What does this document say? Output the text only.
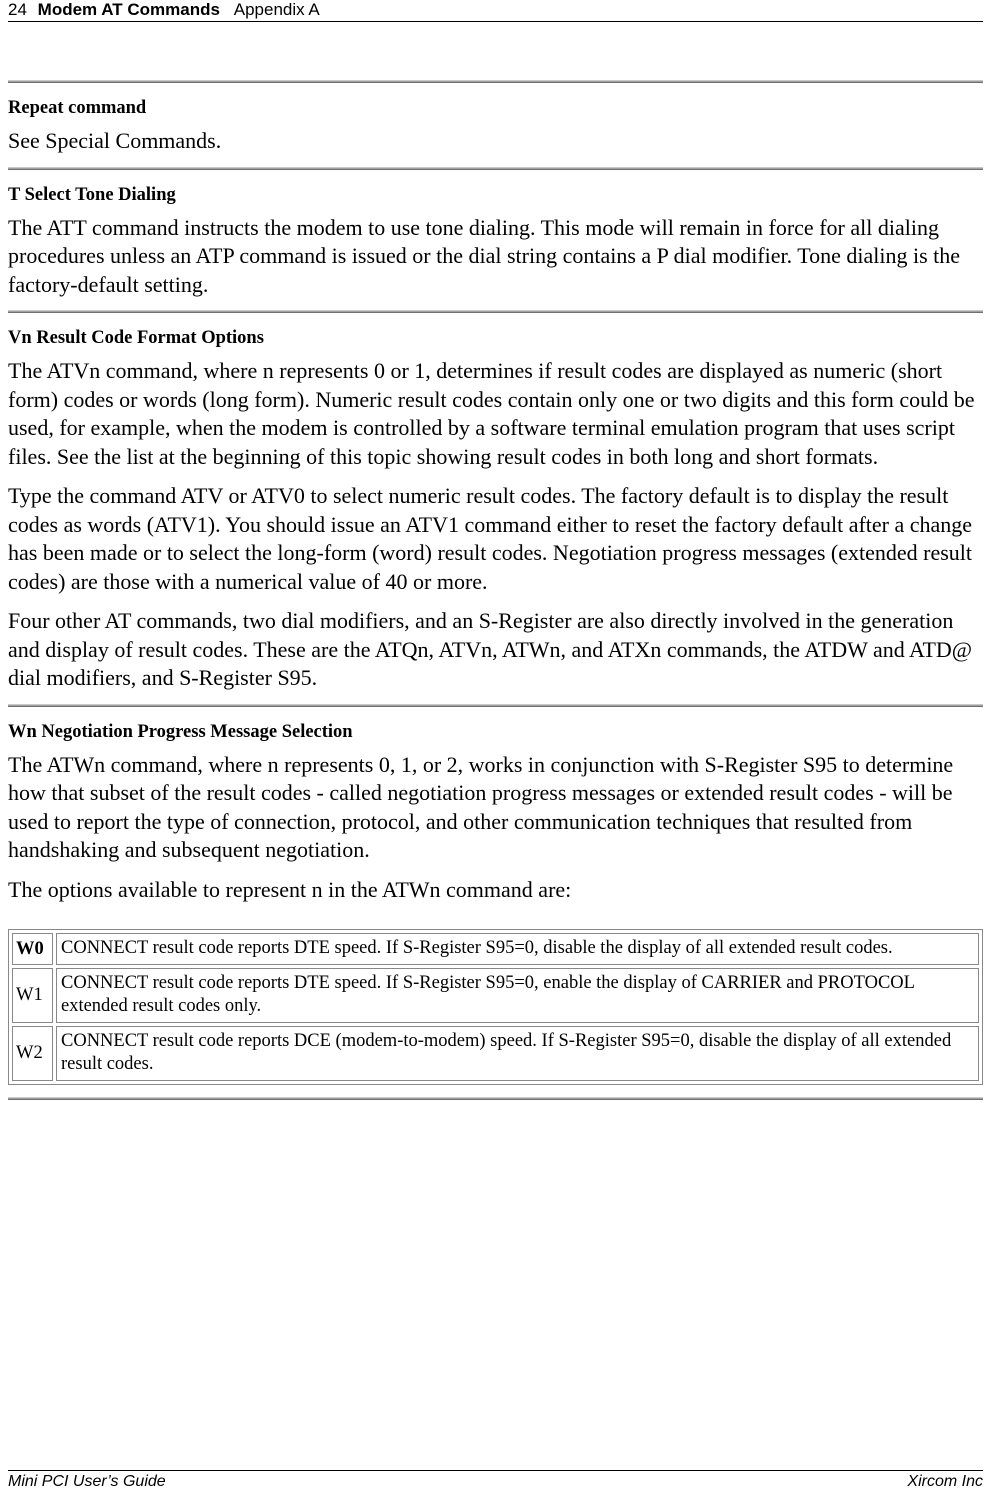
24 Modem AT Commands Appendix A
Repeat command

See Special Commands.

T Select Tone Dialing

The ATT command instructs the modem to use tone dialing. This mode will remain in force for all dialing procedures unless an ATP command is issued or the dial string contains a P dial modifier. Tone dialing is the factory-default setting.

Vn Result Code Format Options

The ATVn command, where n represents 0 or 1, determines if result codes are displayed as numeric (short form) codes or words (long form). Numeric result codes contain only one or two digits and this form could be used, for example, when the modem is controlled by a software terminal emulation program that uses script files. See the list at the beginning of this topic showing result codes in both long and short formats.

Type the command ATV or ATV0 to select numeric result codes. The factory default is to display the result codes as words (ATV1). You should issue an ATV1 command either to reset the factory default after a change has been made or to select the long-form (word) result codes. Negotiation progress messages (extended result codes) are those with a numerical value of 40 or more.

Four other AT commands, two dial modifiers, and an S-Register are also directly involved in the generation and display of result codes. These are the ATQn, ATVn, ATWn, and ATXn commands, the ATDW and ATD@ dial modifiers, and S-Register S95.

Wn Negotiation Progress Message Selection

The ATWn command, where n represents 0, 1, or 2, works in conjunction with S-Register S95 to determine how that subset of the result codes - called negotiation progress messages or extended result codes - will be used to report the type of connection, protocol, and other communication techniques that resulted from handshaking and subsequent negotiation.

The options available to represent n in the ATWn command are:

W0	CONNECT result code reports DTE speed. If S-Register S95=0, disable the display of all extended result codes.
W1	CONNECT result code reports DTE speed. If S-Register S95=0, enable the display of CARRIER and PROTOCOL extended result codes only.
W2	CONNECT result code reports DCE (modem-to-modem) speed. If S-Register S95=0, disable the display of all extended result codes.
Mini PCI User’s Guide	Xircom Inc
